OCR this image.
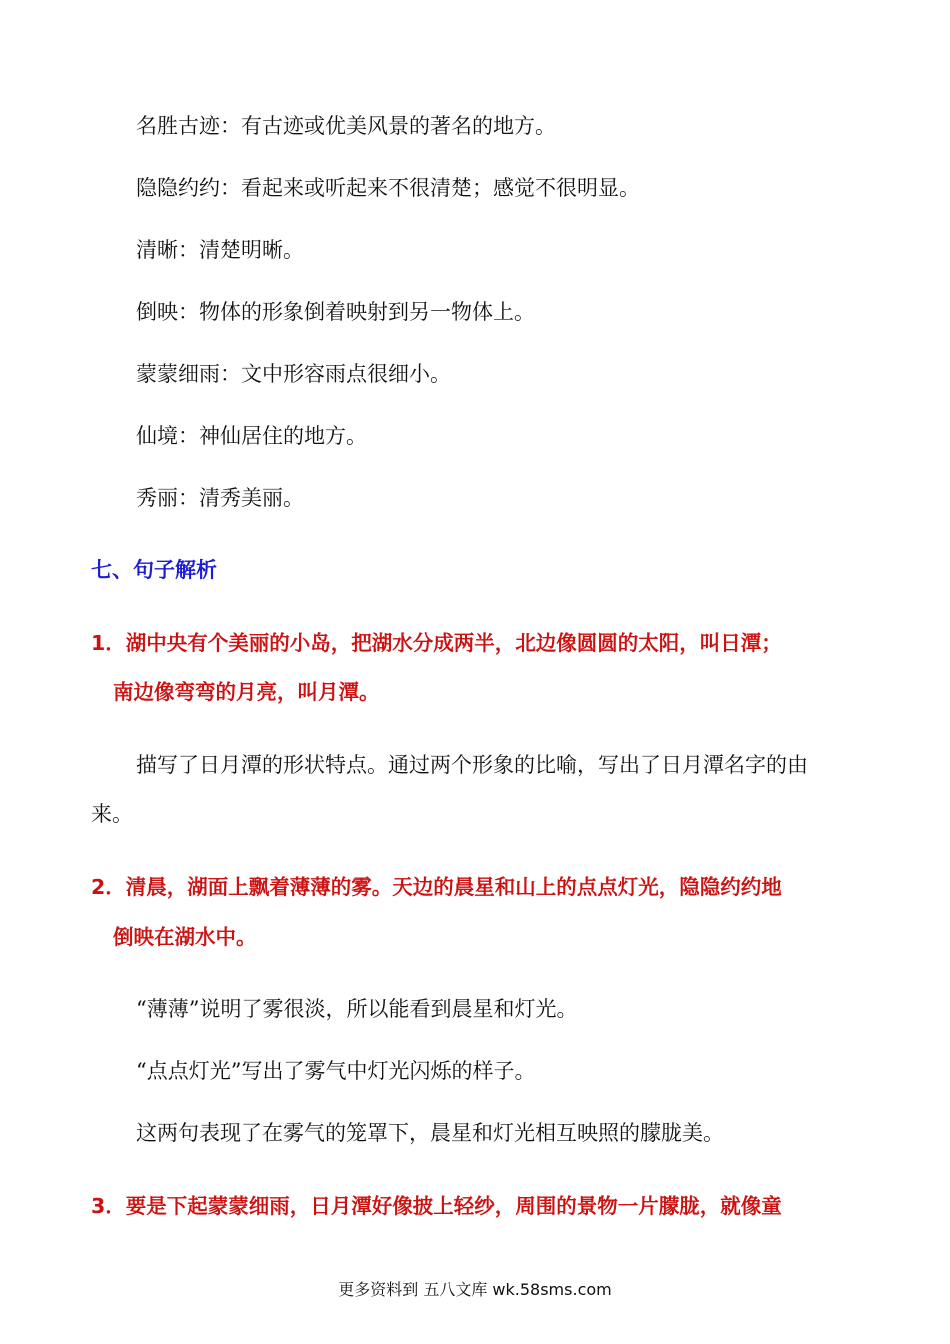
名胜古迹：有古迹或优美风景的著名的地方。
隐隐约约：看起来或听起来不很清楚；感觉不很明显。
清晰：清楚明晰。
倒映：物体的形象倒着映射到另一物体上。
蒙蒙细雨：文中形容雨点很细小。
仙境：神仙居住的地方。
秀丽：清秀美丽。
七、句子解析
1．湖中央有个美丽的小岛，把湖水分成两半，北边像圆圆的太阳，叫日潭；
南边像弯弯的月亮，叫月潭。
描写了日月潭的形状特点。通过两个形象的比喻，写出了日月潭名字的由
来。
2．清晨，湖面上飘着薄薄的雾。天边的晨星和山上的点点灯光，隐隐约约地
倒映在湖水中。
“薄薄”说明了雾很淡，所以能看到晨星和灯光。
“点点灯光”写出了雾气中灯光闪烁的样子。
这两句表现了在雾气的笼罩下，晨星和灯光相互映照的朦胧美。
3．要是下起蒙蒙细雨，日月潭好像披上轻纱，周围的景物一片朦胧，就像童
更多资料到 五八文库 wk.58sms.com
